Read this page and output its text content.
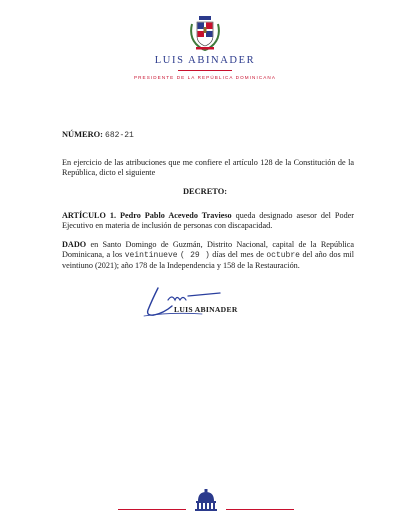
LUIS ABINADER
PRESIDENTE DE LA REPÚBLICA DOMINICANA
NÚMERO: 682-21
En ejercicio de las atribuciones que me confiere el artículo 128 de la Constitución de la República, dicto el siguiente
DECRETO:
ARTÍCULO 1. Pedro Pablo Acevedo Travieso queda designado asesor del Poder Ejecutivo en materia de inclusión de personas con discapacidad.
DADO en Santo Domingo de Guzmán, Distrito Nacional, capital de la República Dominicana, a los veintinueve ( 29 ) días del mes de octubre del año dos mil veintiuno (2021); año 178 de la Independencia y 158 de la Restauración.
LUIS ABINADER
